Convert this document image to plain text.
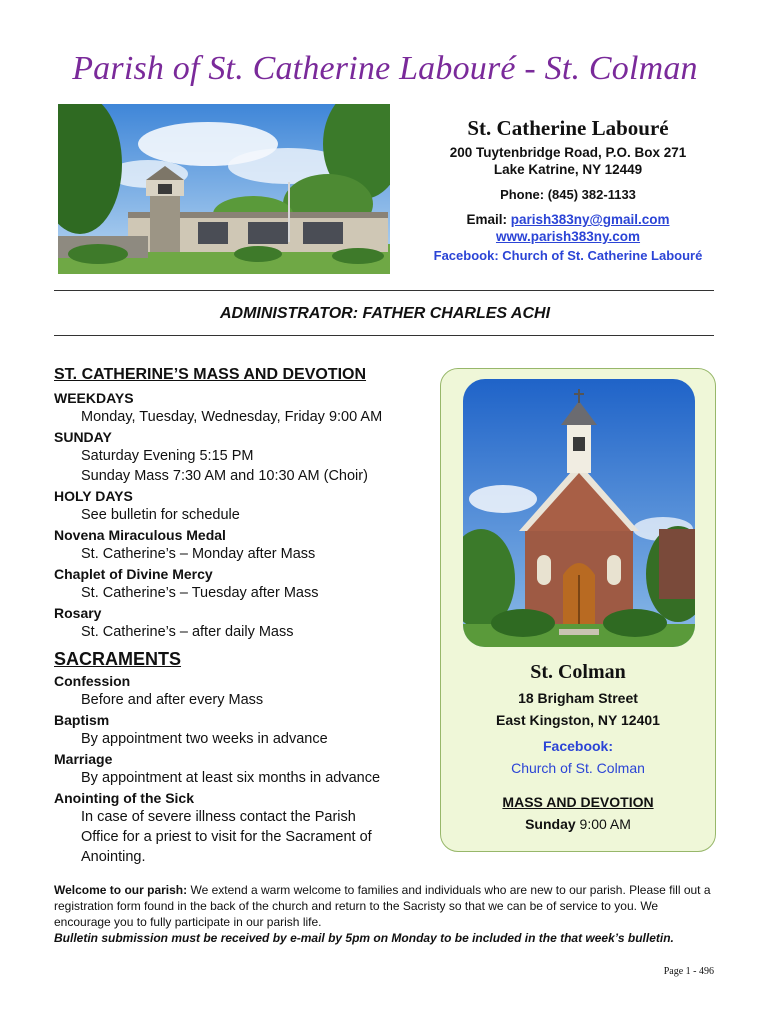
Parish of St. Catherine Labouré - St. Colman
St. Catherine Labouré
200 Tuytenbridge Road, P.O. Box 271
Lake Katrine, NY 12449
Phone: (845) 382-1133
Email: parish383ny@gmail.com
www.parish383ny.com
Facebook: Church of St. Catherine Labouré
ADMINISTRATOR: FATHER CHARLES ACHI
ST. CATHERINE’S MASS AND DEVOTION
WEEKDAYS
Monday, Tuesday, Wednesday, Friday 9:00 AM
SUNDAY
Saturday Evening 5:15 PM
Sunday Mass 7:30 AM and 10:30 AM (Choir)
HOLY DAYS
See bulletin for schedule
Novena Miraculous Medal
St. Catherine’s – Monday after Mass
Chaplet of Divine Mercy
St. Catherine’s – Tuesday after Mass
Rosary
St. Catherine’s – after daily Mass
SACRAMENTS
Confession
Before and after every Mass
Baptism
By appointment two weeks in advance
Marriage
By appointment at least six months in advance
Anointing of the Sick
In case of severe illness contact the Parish
Office for a priest to visit for the Sacrament of
Anointing.
St. Colman
18 Brigham Street
East Kingston, NY 12401
Facebook:
Church of St. Colman
MASS AND DEVOTION
Sunday 9:00 AM
Welcome to our parish: We extend a warm welcome to families and individuals who are new to our parish. Please fill out a registration form found in the back of the church and return to the Sacristy so that we can be of service to you. We encourage you to fully participate in our parish life.
Bulletin submission must be received by e-mail by 5pm on Monday to be included in the that week’s bulletin.
Page 1 - 496
